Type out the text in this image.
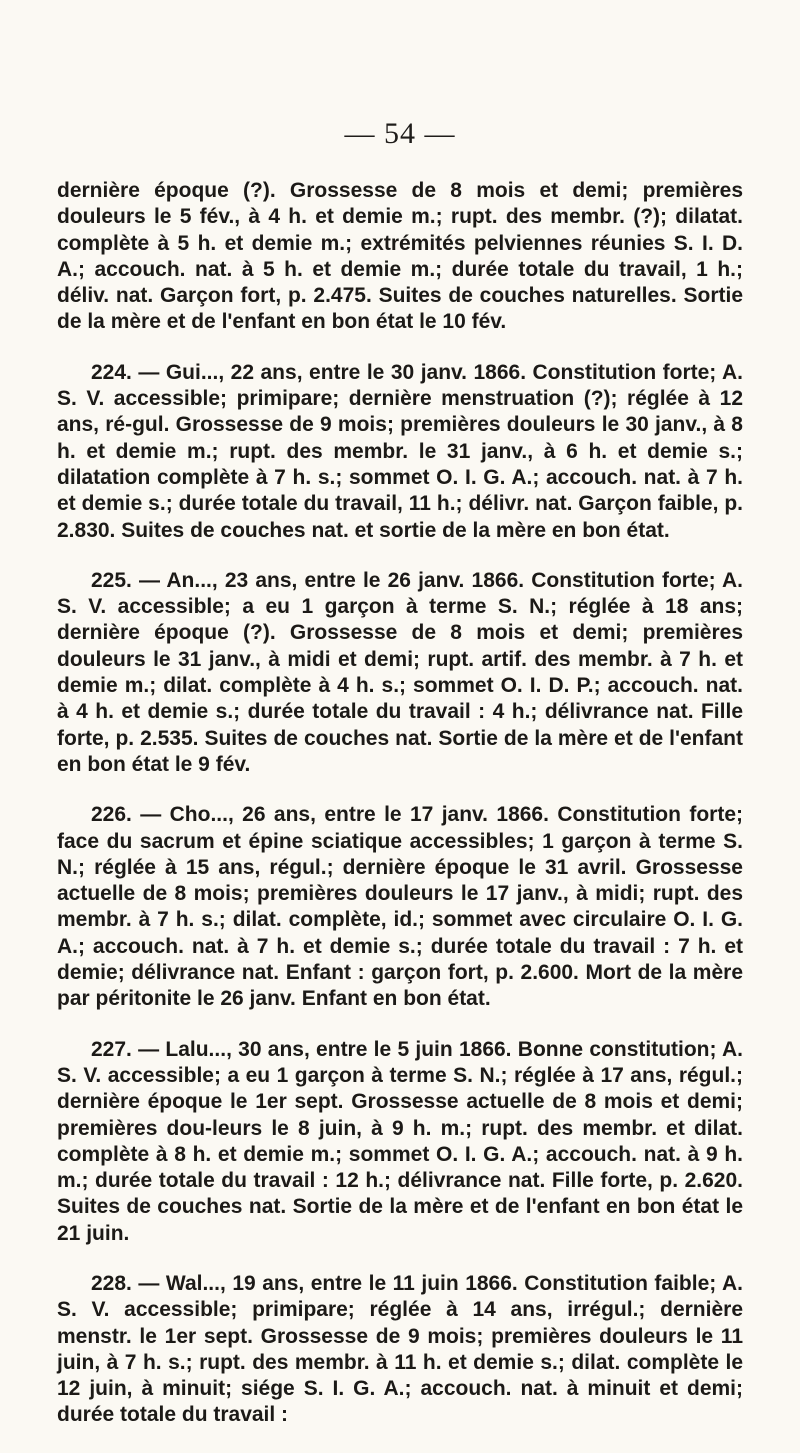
— 54 —

dernière époque (?). Grossesse de 8 mois et demi; premières douleurs le 5 fév., à 4 h. et demie m.; rupt. des membr. (?); dilatat. complète à 5 h. et demie m.; extrémités pelviennes réunies S. I. D. A.; accouch. nat. à 5 h. et demie m.; durée totale du travail, 1 h.; déliv. nat. Garçon fort, p. 2.475. Suites de couches naturelles. Sortie de la mère et de l'enfant en bon état le 10 fév.

224. — Gui..., 22 ans, entre le 30 janv. 1866. Constitution forte; A. S. V. accessible; primipare; dernière menstruation (?); réglée à 12 ans, ré-gul. Grossesse de 9 mois; premières douleurs le 30 janv., à 8 h. et demie m.; rupt. des membr. le 31 janv., à 6 h. et demie s.; dilatation complète à 7 h. s.; sommet O. I. G. A.; accouch. nat. à 7 h. et demie s.; durée totale du travail, 11 h.; délivr. nat. Garçon faible, p. 2.830. Suites de couches nat. et sortie de la mère en bon état.

225. — An..., 23 ans, entre le 26 janv. 1866. Constitution forte; A. S. V. accessible; a eu 1 garçon à terme S. N.; réglée à 18 ans; dernière époque (?). Grossesse de 8 mois et demi; premières douleurs le 31 janv., à midi et demi; rupt. artif. des membr. à 7 h. et demie m.; dilat. complète à 4 h. s.; sommet O. I. D. P.; accouch. nat. à 4 h. et demie s.; durée totale du travail : 4 h.; délivrance nat. Fille forte, p. 2.535. Suites de couches nat. Sortie de la mère et de l'enfant en bon état le 9 fév.

226. — Cho..., 26 ans, entre le 17 janv. 1866. Constitution forte; face du sacrum et épine sciatique accessibles; 1 garçon à terme S. N.; réglée à 15 ans, régul.; dernière époque le 31 avril. Grossesse actuelle de 8 mois; premières douleurs le 17 janv., à midi; rupt. des membr. à 7 h. s.; dilat. complète, id.; sommet avec circulaire O. I. G. A.; accouch. nat. à 7 h. et demie s.; durée totale du travail : 7 h. et demie; délivrance nat. Enfant : garçon fort, p. 2.600. Mort de la mère par péritonite le 26 janv. Enfant en bon état.

227. — Lalu..., 30 ans, entre le 5 juin 1866. Bonne constitution; A. S. V. accessible; a eu 1 garçon à terme S. N.; réglée à 17 ans, régul.; dernière époque le 1er sept. Grossesse actuelle de 8 mois et demi; premières dou-leurs le 8 juin, à 9 h. m.; rupt. des membr. et dilat. complète à 8 h. et demie m.; sommet O. I. G. A.; accouch. nat. à 9 h. m.; durée totale du travail : 12 h.; délivrance nat. Fille forte, p. 2.620. Suites de couches nat. Sortie de la mère et de l'enfant en bon état le 21 juin.

228. — Wal..., 19 ans, entre le 11 juin 1866. Constitution faible; A. S. V. accessible; primipare; réglée à 14 ans, irrégul.; dernière menstr. le 1er sept. Grossesse de 9 mois; premières douleurs le 11 juin, à 7 h. s.; rupt. des membr. à 11 h. et demie s.; dilat. complète le 12 juin, à minuit; siége S. I. G. A.; accouch. nat. à minuit et demi; durée totale du travail :
